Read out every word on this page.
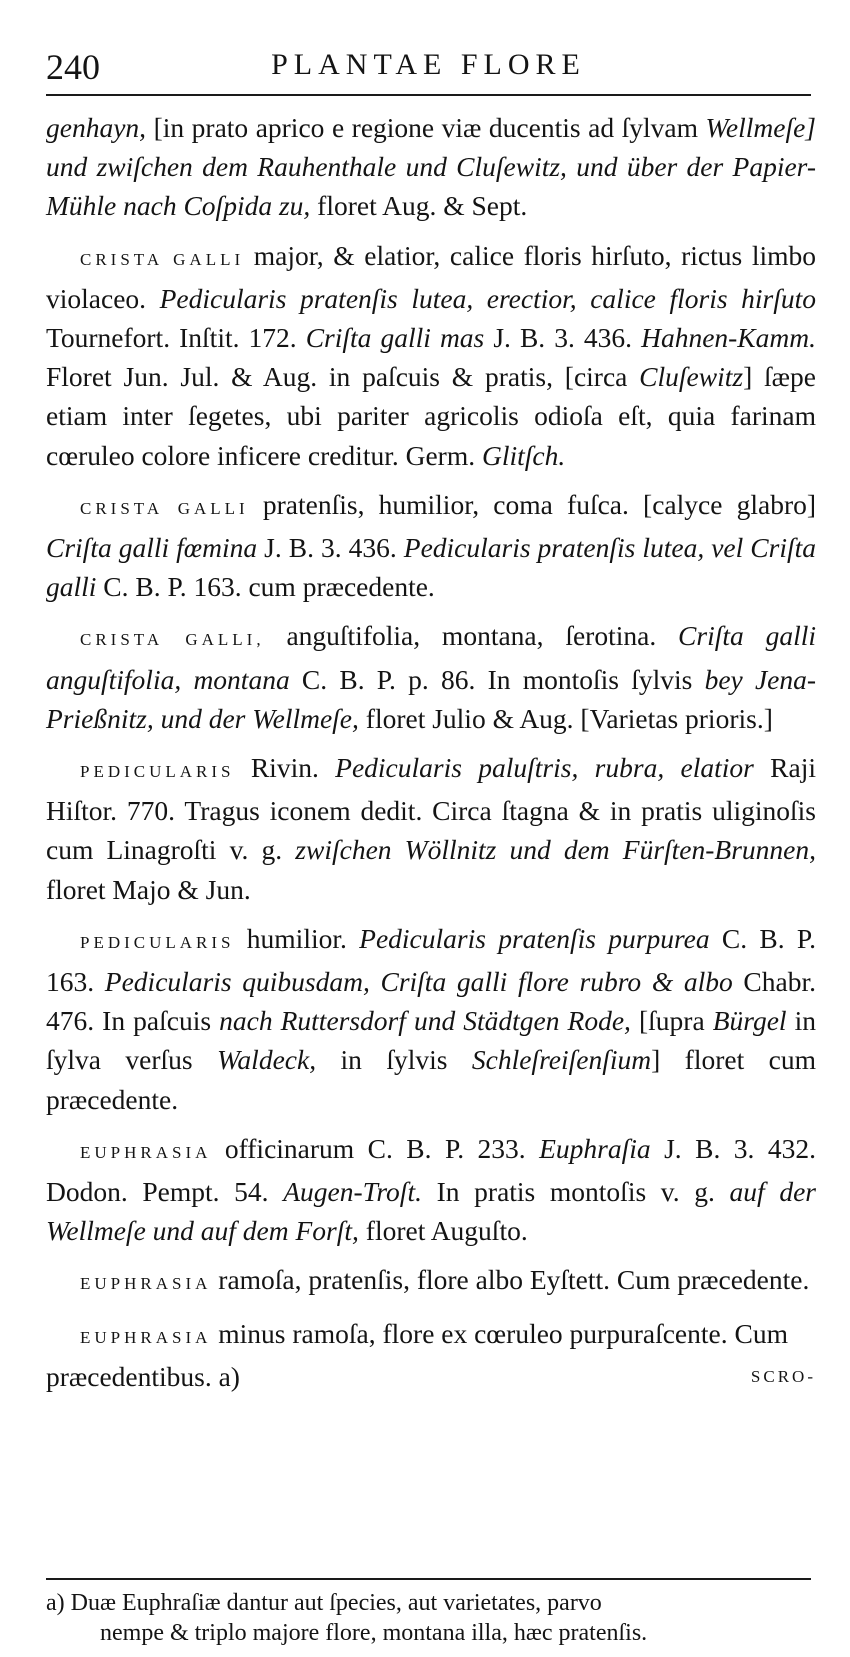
240	PLANTAE FLORE

genhayn, [in prato aprico e regione viæ ducentis ad ſylvam Wellmeſe] und zwiſchen dem Rauhenthale und Cluſewitz, und über der Papier-Mühle nach Coſpida zu, floret Aug. & Sept.

CRISTA GALLI major, & elatior, calice floris hirſuto, rictus limbo violaceo. Pedicularis pratenſis lutea, erectior, calice floris hirſuto Tournefort. Inſtit. 172. Criſta galli mas J. B. 3. 436. Hahnen-Kamm. Floret Jun. Jul. & Aug. in paſcuis & pratis, [circa Cluſewitz] ſæpe etiam inter ſegetes, ubi pariter agricolis odioſa eſt, quia farinam cœruleo colore inficere creditur. Germ. Glitſch.

CRISTA GALLI pratenſis, humilior, coma fuſca. [calyce glabro] Criſta galli fœmina J. B. 3. 436. Pedicularis pratenſis lutea, vel Criſta galli C. B. P. 163. cum præcedente.

CRISTA GALLI, anguſtifolia, montana, ſerotina. Criſta galli anguſtifolia, montana C. B. P. p. 86. In montoſis ſylvis bey Jena-Prießnitz, und der Wellmeſe, floret Julio & Aug. [Varietas prioris.]

PEDICULARIS Rivin. Pedicularis paluſtris, rubra, elatior Raji Hiſtor. 770. Tragus iconem dedit. Circa ſtagna & in pratis uliginoſis cum Linagroſti v. g. zwiſchen Wöllnitz und dem Fürſten-Brunnen, floret Majo & Jun.

PEDICULARIS humilior. Pedicularis pratenſis purpurea C. B. P. 163. Pedicularis quibusdam, Criſta galli flore rubro & albo Chabr. 476. In paſcuis nach Ruttersdorf und Städtgen Rode, [ſupra Bürgel in ſylva verſus Waldeck, in ſylvis Schleſreiſenſium] floret cum præcedente.

EUPHRASIA officinarum C. B. P. 233. Euphraſia J. B. 3. 432. Dodon. Pempt. 54. Augen-Troſt. In pratis montoſis v. g. auf der Wellmeſe und auf dem Forſt, floret Auguſto.

EUPHRASIA ramoſa, pratenſis, flore albo Eyſtett. Cum præcedente.

EUPHRASIA minus ramoſa, flore ex cœruleo purpuraſcente. Cum præcedentibus. a)	SCRO-

a) Duæ Euphraſiæ dantur aut ſpecies, aut varietates, parvo
nempe & triplo majore flore, montana illa, hæc pratenſis.
